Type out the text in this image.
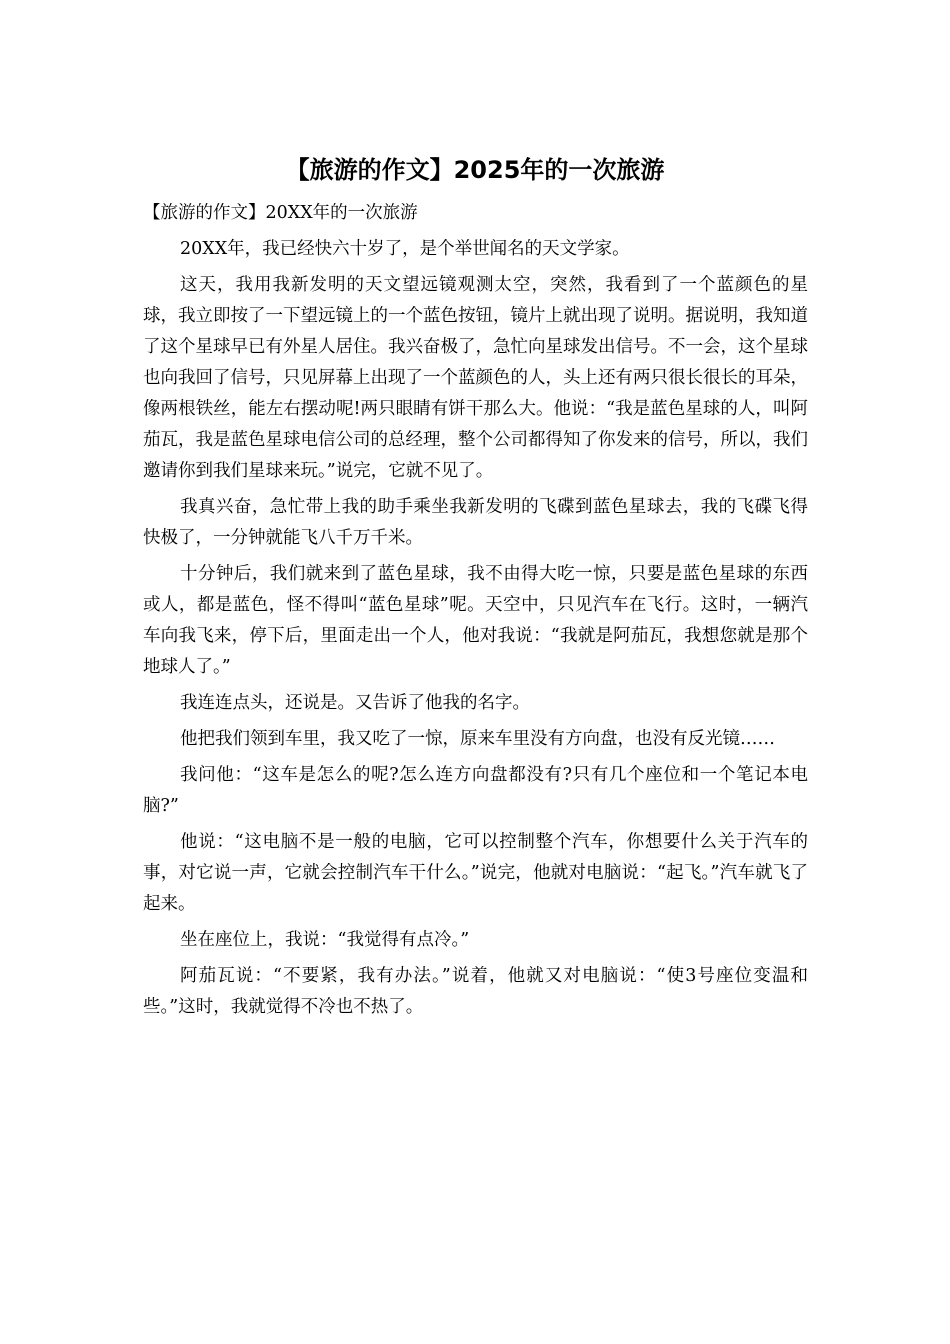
【旅游的作文】2025年的一次旅游

【旅游的作文】20XX年的一次旅游

20XX年，我已经快六十岁了，是个举世闻名的天文学家。

这天，我用我新发明的天文望远镜观测太空，突然，我看到了一个蓝颜色的星球，我立即按了一下望远镜上的一个蓝色按钮，镜片上就出现了说明。据说明，我知道了这个星球早已有外星人居住。我兴奋极了，急忙向星球发出信号。不一会，这个星球也向我回了信号，只见屏幕上出现了一个蓝颜色的人，头上还有两只很长很长的耳朵，像两根铁丝，能左右摆动呢!两只眼睛有饼干那么大。他说：“我是蓝色星球的人，叫阿茄瓦，我是蓝色星球电信公司的总经理，整个公司都得知了你发来的信号，所以，我们邀请你到我们星球来玩。”说完，它就不见了。

我真兴奋，急忙带上我的助手乘坐我新发明的飞碟到蓝色星球去，我的飞碟飞得快极了，一分钟就能飞八千万千米。

十分钟后，我们就来到了蓝色星球，我不由得大吃一惊，只要是蓝色星球的东西或人，都是蓝色，怪不得叫“蓝色星球”呢。天空中，只见汽车在飞行。这时，一辆汽车向我飞来，停下后，里面走出一个人，他对我说：“我就是阿茄瓦，我想您就是那个地球人了。”

我连连点头，还说是。又告诉了他我的名字。

他把我们领到车里，我又吃了一惊，原来车里没有方向盘，也没有反光镜……

我问他：“这车是怎么的呢?怎么连方向盘都没有?只有几个座位和一个笔记本电脑?”

他说：“这电脑不是一般的电脑，它可以控制整个汽车，你想要什么关于汽车的事，对它说一声，它就会控制汽车干什么。”说完，他就对电脑说：“起飞。”汽车就飞了起来。

坐在座位上，我说：“我觉得有点冷。”

阿茄瓦说：“不要紧，我有办法。”说着，他就又对电脑说：“使3号座位变温和些。”这时，我就觉得不冷也不热了。
